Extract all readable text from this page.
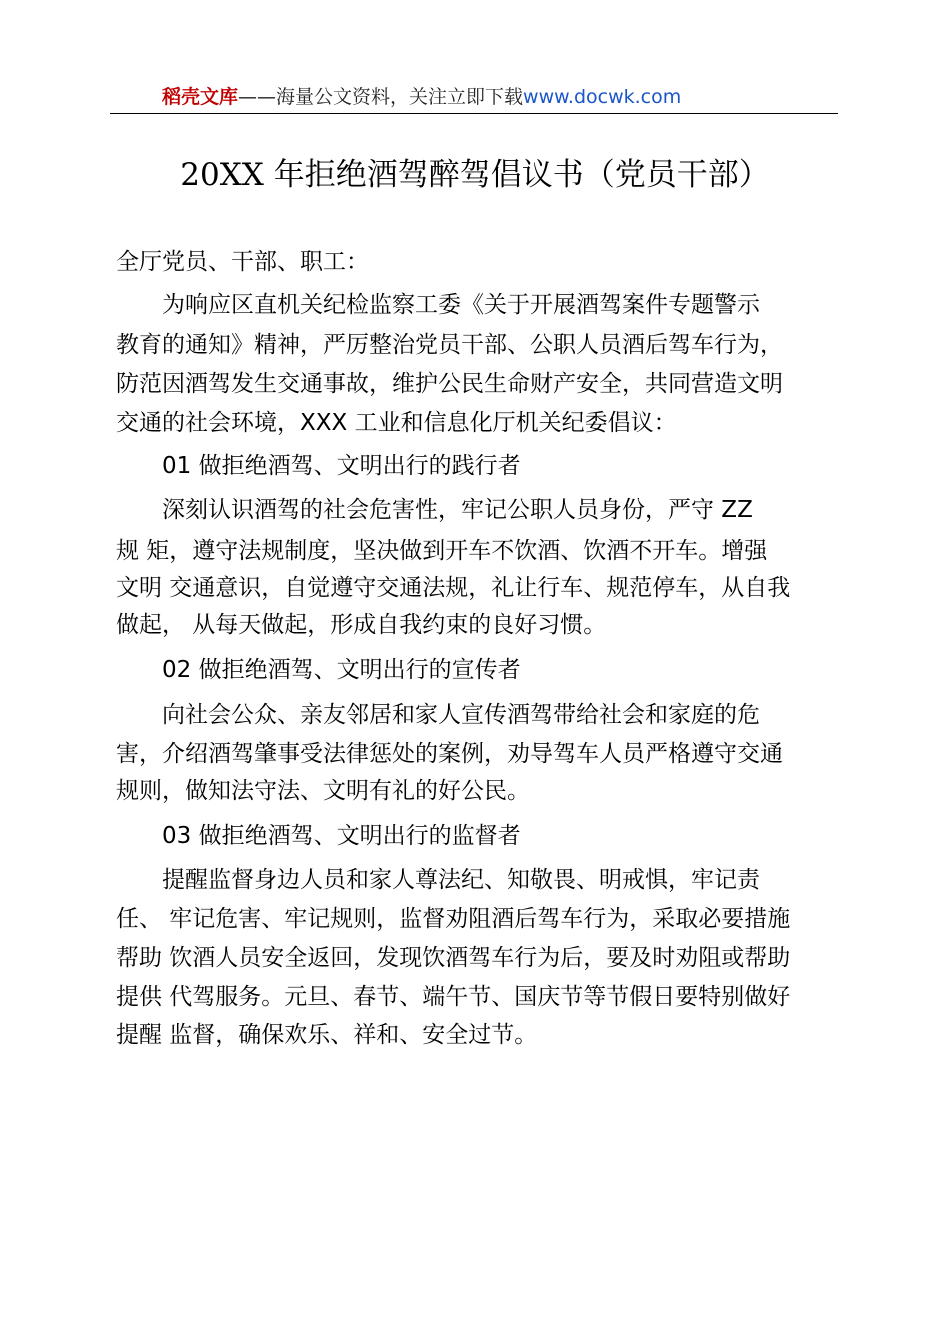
稻壳文库——海量公文资料，关注立即下载www.docwk.com
20XX 年拒绝酒驾醉驾倡议书（党员干部）
全厅党员、干部、职工：
　　为响应区直机关纪检监察工委《关于开展酒驾案件专题警示
教育的通知》精神，严厉整治党员干部、公职人员酒后驾车行为，
防范因酒驾发生交通事故，维护公民生命财产安全，共同营造文明
交通的社会环境，XXX 工业和信息化厅机关纪委倡议：
　　01 做拒绝酒驾、文明出行的践行者
　　深刻认识酒驾的社会危害性，牢记公职人员身份，严守 ZZ
规 矩，遵守法规制度，坚决做到开车不饮酒、饮酒不开车。增强
文明 交通意识，自觉遵守交通法规，礼让行车、规范停车，从自我
做起， 从每天做起，形成自我约束的良好习惯。
　　02 做拒绝酒驾、文明出行的宣传者
　　向社会公众、亲友邻居和家人宣传酒驾带给社会和家庭的危
害，介绍酒驾肇事受法律惩处的案例，劝导驾车人员严格遵守交通
规则，做知法守法、文明有礼的好公民。
　　03 做拒绝酒驾、文明出行的监督者
　　提醒监督身边人员和家人尊法纪、知敬畏、明戒惧，牢记责
任、 牢记危害、牢记规则，监督劝阻酒后驾车行为，采取必要措施
帮助 饮酒人员安全返回，发现饮酒驾车行为后，要及时劝阻或帮助
提供 代驾服务。元旦、春节、端午节、国庆节等节假日要特别做好
提醒 监督，确保欢乐、祥和、安全过节。
